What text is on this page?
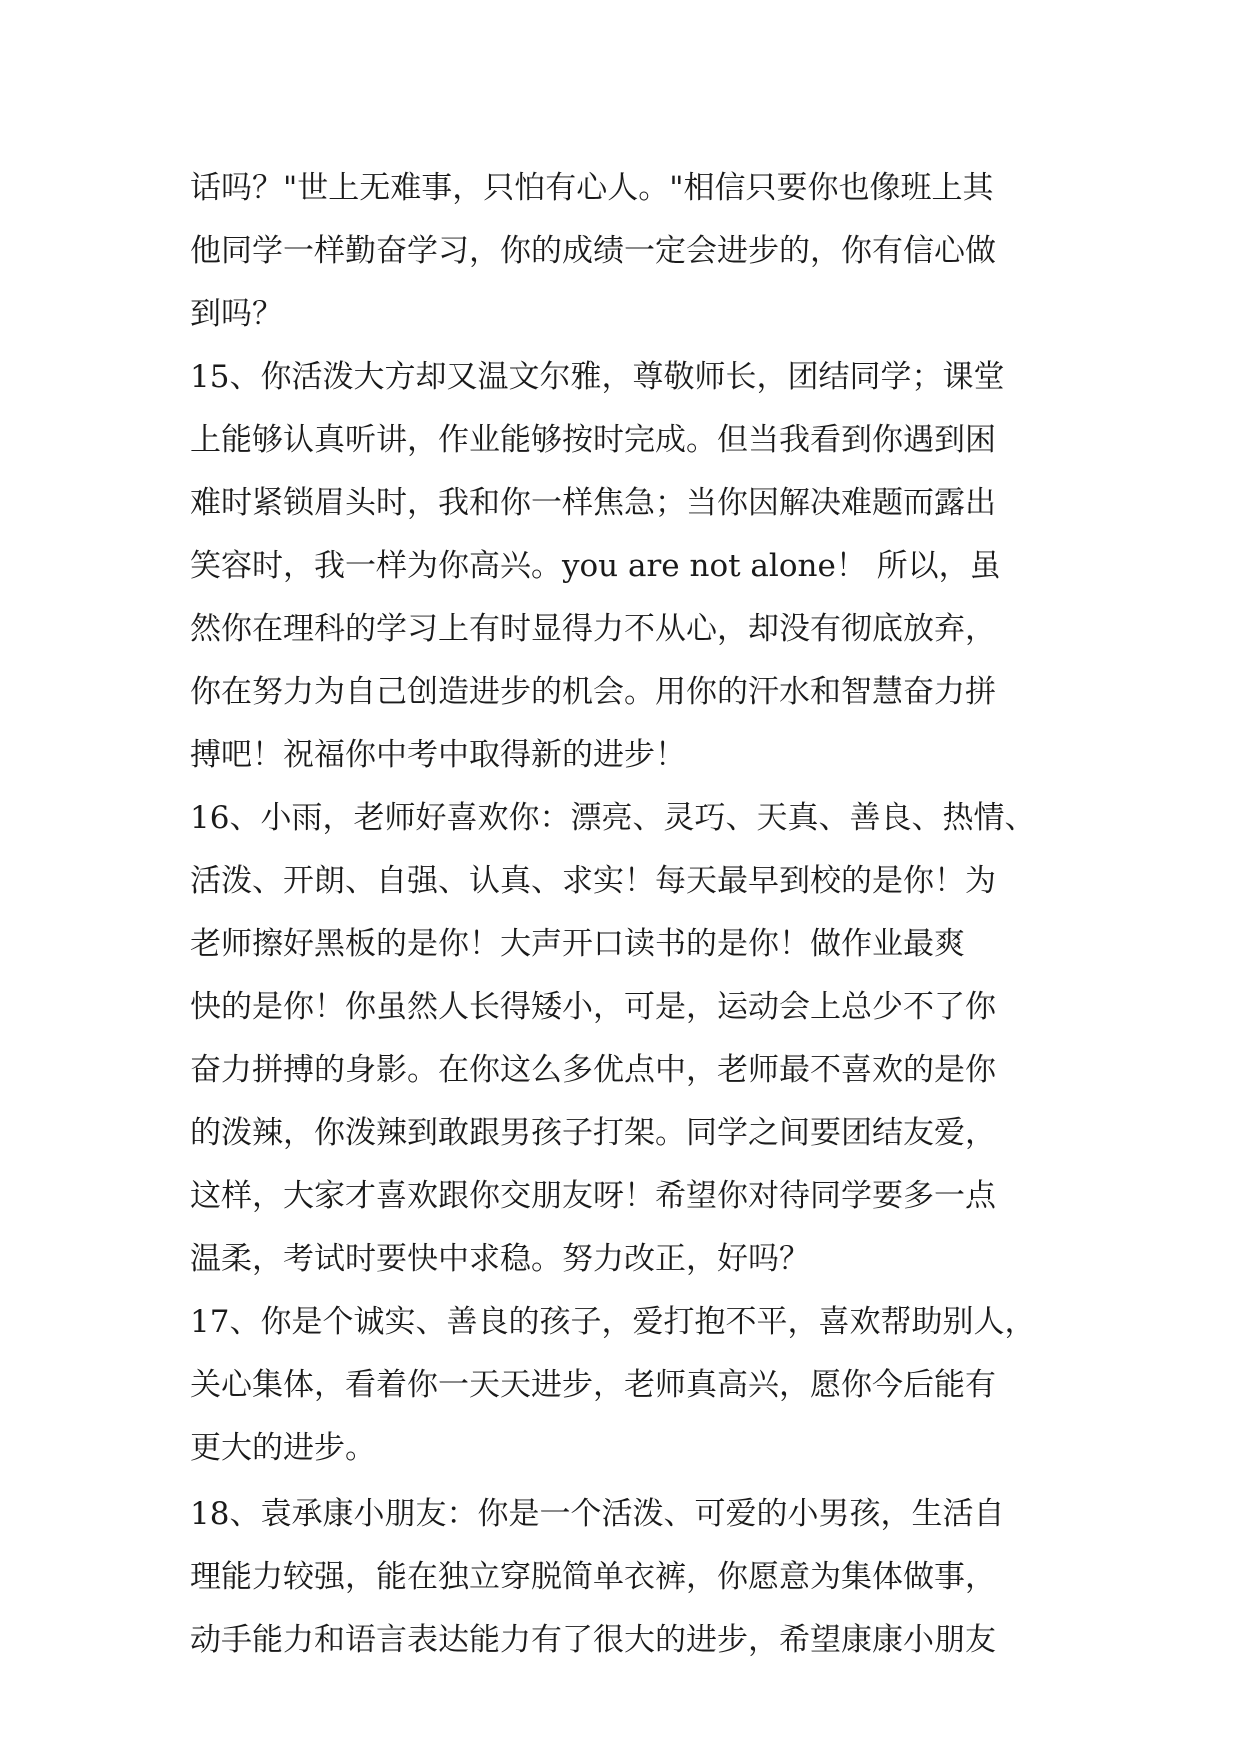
话吗？"世上无难事，只怕有心人。"相信只要你也像班上其
他同学一样勤奋学习，你的成绩一定会进步的，你有信心做
到吗？
15、你活泼大方却又温文尔雅，尊敬师长，团结同学；课堂
上能够认真听讲，作业能够按时完成。但当我看到你遇到困
难时紧锁眉头时，我和你一样焦急；当你因解决难题而露出
笑容时，我一样为你高兴。you are not alone！ 所以，虽
然你在理科的学习上有时显得力不从心，却没有彻底放弃，
你在努力为自己创造进步的机会。用你的汗水和智慧奋力拼
搏吧！祝福你中考中取得新的进步！
16、小雨，老师好喜欢你：漂亮、灵巧、天真、善良、热情、
活泼、开朗、自强、认真、求实！每天最早到校的是你！为
老师擦好黑板的是你！大声开口读书的是你！做作业最爽
快的是你！你虽然人长得矮小，可是，运动会上总少不了你
奋力拼搏的身影。在你这么多优点中，老师最不喜欢的是你
的泼辣，你泼辣到敢跟男孩子打架。同学之间要团结友爱，
这样，大家才喜欢跟你交朋友呀！希望你对待同学要多一点
温柔，考试时要快中求稳。努力改正，好吗？
17、你是个诚实、善良的孩子，爱打抱不平，喜欢帮助别人，
关心集体，看着你一天天进步，老师真高兴，愿你今后能有
更大的进步。
18、袁承康小朋友：你是一个活泼、可爱的小男孩，生活自
理能力较强，能在独立穿脱简单衣裤，你愿意为集体做事，
动手能力和语言表达能力有了很大的进步，希望康康小朋友
